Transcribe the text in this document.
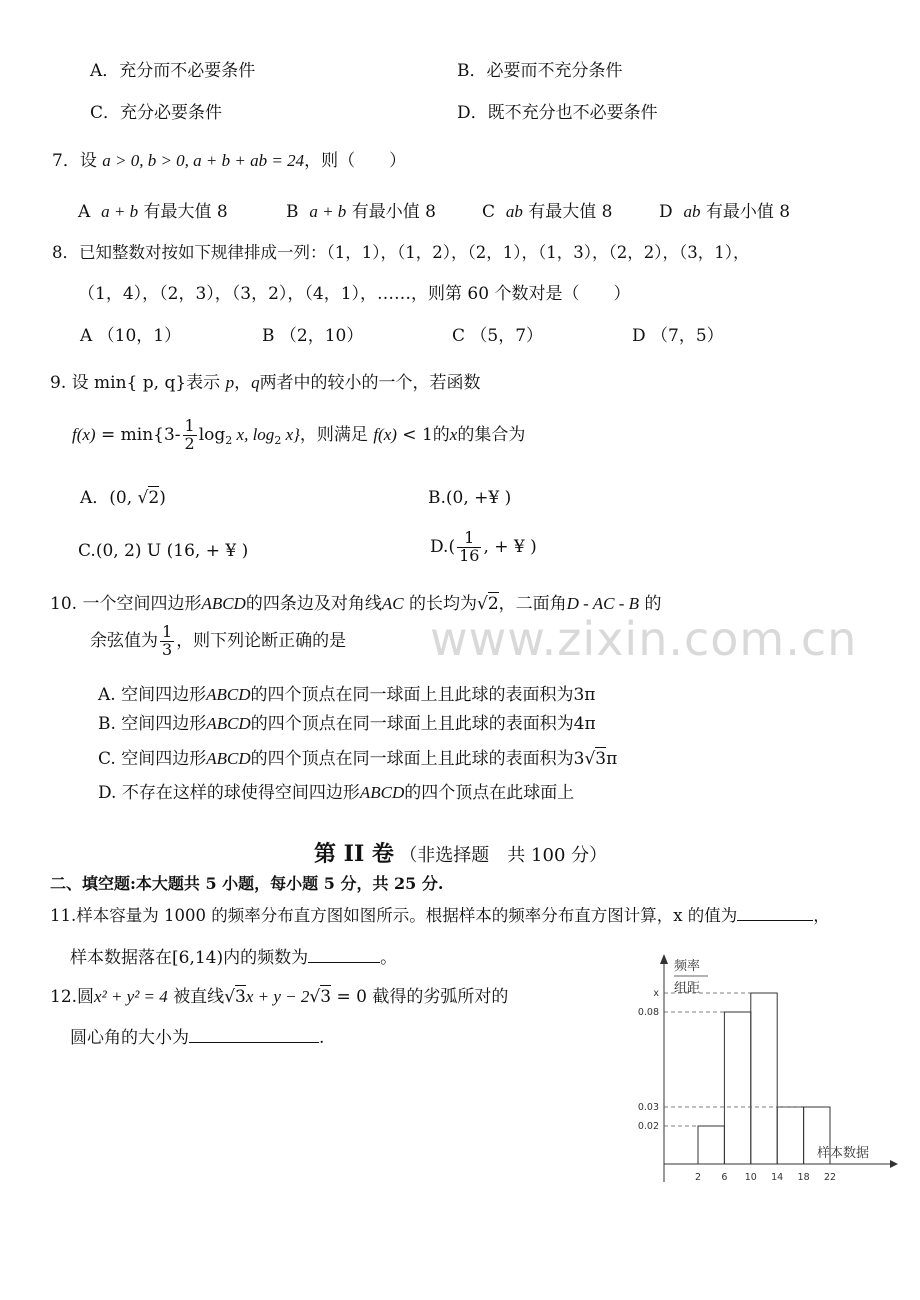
www.zixin.com.cn
A．充分而不必要条件	B．必要而不充分条件
C．充分必要条件	D．既不充分也不必要条件
7．设 a > 0, b > 0, a + b + ab = 24，则（　　）
A a + b 有最大值 8	B a + b 有最小值 8	C ab 有最大值 8	D ab 有最小值 8
8．已知整数对按如下规律排成一列：（1，1），（1，2），（2，1），（1，3），（2，2），（3，1），
（1，4），（2，3），（3，2），（4，1），……，则第 60 个数对是（　　）
A （10，1）	B （2，10）	C （5，7）	D （7，5）
9. 设 min{ p, q}表示 p，q两者中的较小的一个，若函数
$f(x) = \min\{3- \frac{1}{2} \log_2 x$, $\log_2 x$}，则满足 f(x) < 1的x的集合为
A．(0, √2)	B.(0, +¥ )
C.(0, 2) U (16, + ¥ )	$D.( \frac{1}{16}$ , + ¥ )
10. 一个空间四边形ABCD的四条边及对角线AC 的长均为√2，二面角D - AC - B 的
余弦值为 $\frac{1}{3}$ ，则下列论断正确的是
A. 空间四边形ABCD的四个顶点在同一球面上且此球的表面积为3π
B. 空间四边形ABCD的四个顶点在同一球面上且此球的表面积为4π
C. 空间四边形ABCD的四个顶点在同一球面上且此球的表面积为3√3π
D. 不存在这样的球使得空间四边形ABCD的四个顶点在此球面上
第 II 卷 （非选择题　共 100 分）
二、填空题:本大题共 5 小题，每小题 5 分，共 25 分.
11.样本容量为 1000 的频率分布直方图如图所示。根据样本的频率分布直方图计算，x 的值为	，
样本数据落在[6,14)内的频数为	。
12.圆x² + y² = 4 被直线√3x + y − 2√3 = 0 截得的劣弧所对的
圆心角的大小为	.
频率
组距
样本数据
0.02
0.03
0.08
x
2 6 10 14 18 22
